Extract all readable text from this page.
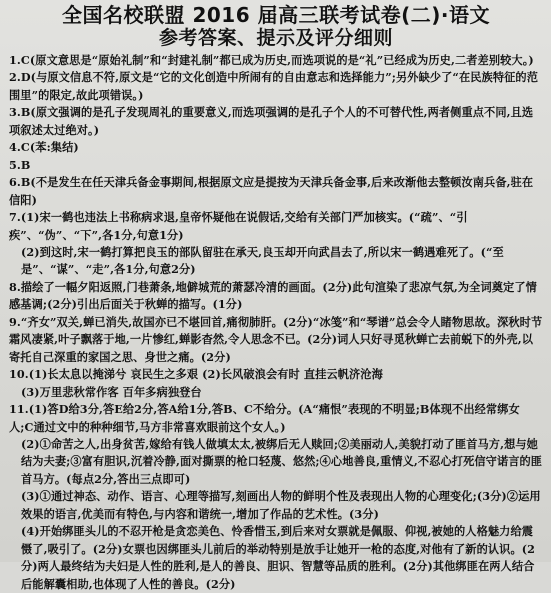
全国名校联盟 2016 届高三联考试卷(二)·语文
参考答案、提示及评分细则

1.C(原文意思是“原始礼制”和“封建礼制”都已成为历史,而选项说的是“礼”已经成为历史,二者差别较大。)

2.D(与原文信息不符,原文是“它的文化创造中所闹有的自由意志和选择能力”;另外缺少了“在民族特征的范围里”的限定,故此项错误。)

3.B(原文强调的是孔子发现周礼的重要意义,而选项强调的是孔子个人的不可替代性,两者侧重点不同,且选项叙述太过绝对。)

4.C(苯:集结)

5.B

6.B(不是发生在任天津兵备金事期间,根据原文应是提按为天津兵备金事,后来改渐他去整顿汝南兵备,驻在信阳)

7.(1)宋一鹤也违法上书称病求退,皇帝怀疑他在说假话,交给有关部门严加核实。(“疏”、“引疾”、“伪”、“下”,各1分,句意1分)

(2)到这时,宋一鹤打算把良玉的部队留驻在承天,良玉却开向武昌去了,所以宋一鹤遇难死了。(“至是”、“谋”、“走”,各1分,句意2分)

8.描绘了一幅夕阳返照,门巷萧条,地僻城荒的萧瑟冷清的画面。(2分)此句渲染了悲凉气氛,为全词奠定了情感基调;(2分)引出后面关于秋蝉的描写。(1分)

9.“齐女”双关,蝉已消失,故国亦已不堪回首,痛彻肺肝。(2分)“冰笺”和“琴谱”总会令人睹物思故。深秋时节霜风凄紧,叶子飘落于地,一片惨红,蝉影杳然,令人思念不已。(2分)词人只好寻觅秋蝉亡去前蜕下的外壳,以寄托自己深重的家国之思、身世之痛。(2分)

10.(1)长太息以掩涕兮 哀民生之多艰 (2)长风破浪会有时 直挂云帆济沧海

(3)万里悲秋常作客 百年多病独登台

11.(1)答D给3分,答E给2分,答A给1分,答B、C不给分。(A“痛恨”表现的不明显;B体现不出经常绑女人;C通过文中的种种细节,马方非常喜欢眼前这个女人。)

(2)①命苦之人,出身贫苦,嫁给有钱人做填太太,被绑后无人赎回;②美丽动人,美貌打动了匪首马方,想与她结为夫妻;③富有胆识,沉着冷静,面对撕票的枪口轻蔑、悠然;④心地善良,重情义,不忍心打死信守诺言的匪首马方。(每点2分,答出三点即可)

(3)①通过神态、动作、语言、心理等描写,刻画出人物的鲜明个性及表现出人物的心理变化;(3分)②运用效果的语言,优美而有特色,与内容和谐统一,增加了作品的艺术性。(3分)

(4)开始绑匪头儿的不忍开枪是贪恋美色、怜香惜玉,到后来对女票就是佩服、仰视,被她的人格魅力给震慑了,吸引了。(2分)女票也因绑匪头儿前后的举动特别是放手让她开一枪的态度,对他有了新的认识。(2分)两人最终结为夫妇是人性的胜利,是人的善良、胆识、智慧等品质的胜利。(2分)其他绑匪在两人结合后能解囊相助,也体现了人性的善良。(2分)
